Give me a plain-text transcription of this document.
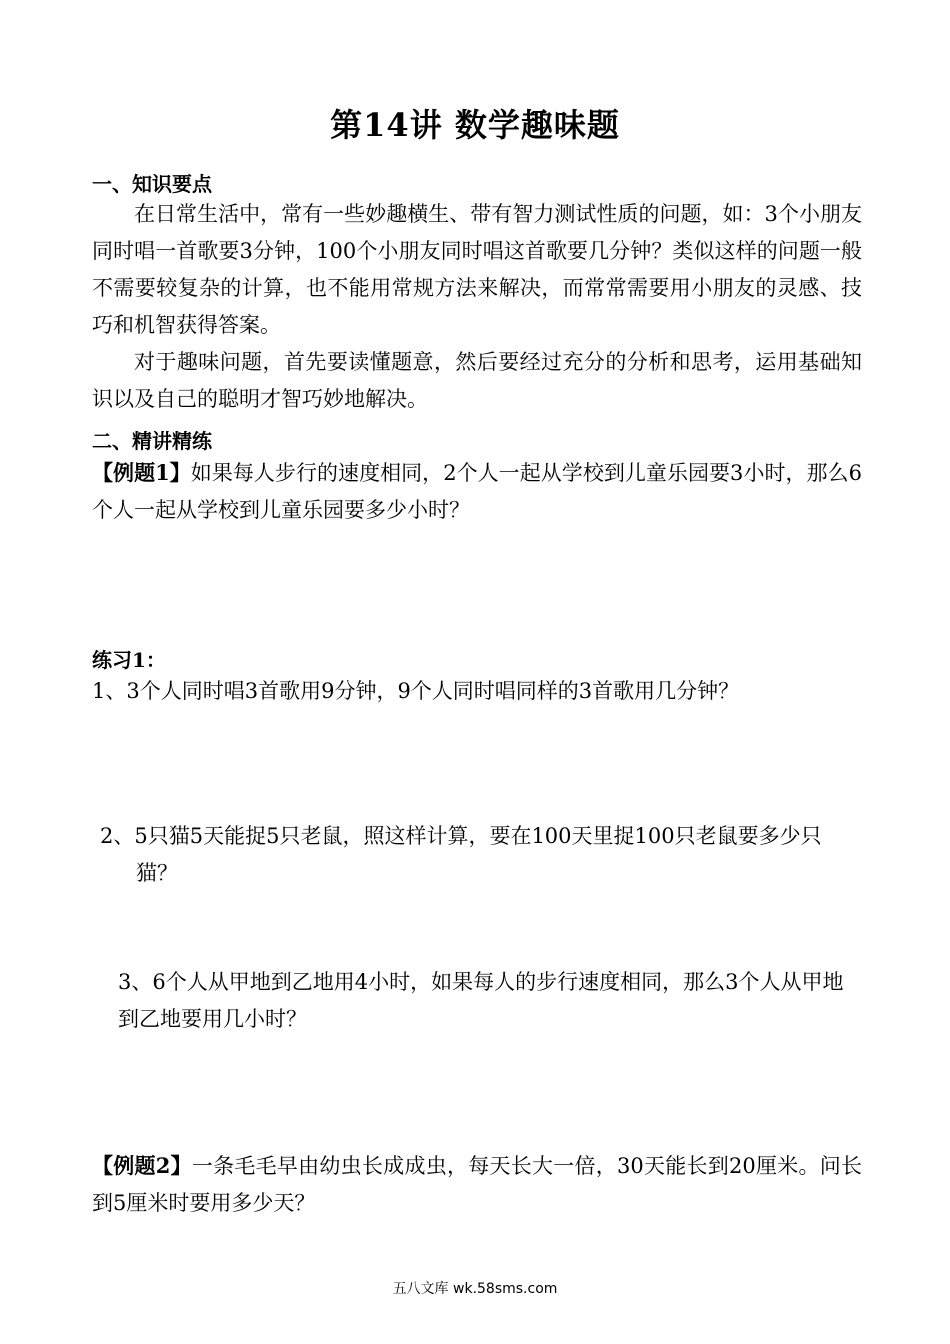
第14讲 数学趣味题
一、知识要点
在日常生活中，常有一些妙趣横生、带有智力测试性质的问题，如：3个小朋友同时唱一首歌要3分钟，100个小朋友同时唱这首歌要几分钟？类似这样的问题一般不需要较复杂的计算，也不能用常规方法来解决，而常常需要用小朋友的灵感、技巧和机智获得答案。
对于趣味问题，首先要读懂题意，然后要经过充分的分析和思考，运用基础知识以及自己的聪明才智巧妙地解决。
二、精讲精练
【例题1】如果每人步行的速度相同，2个人一起从学校到儿童乐园要3小时，那么6个人一起从学校到儿童乐园要多少小时？
练习1：
1、3个人同时唱3首歌用9分钟，9个人同时唱同样的3首歌用几分钟？
2、5只猫5天能捉5只老鼠，照这样计算，要在100天里捉100只老鼠要多少只猫？
3、6个人从甲地到乙地用4小时，如果每人的步行速度相同，那么3个人从甲地到乙地要用几小时？
【例题2】一条毛毛早由幼虫长成成虫，每天长大一倍，30天能长到20厘米。问长到5厘米时要用多少天？
五八文库 wk.58sms.com
